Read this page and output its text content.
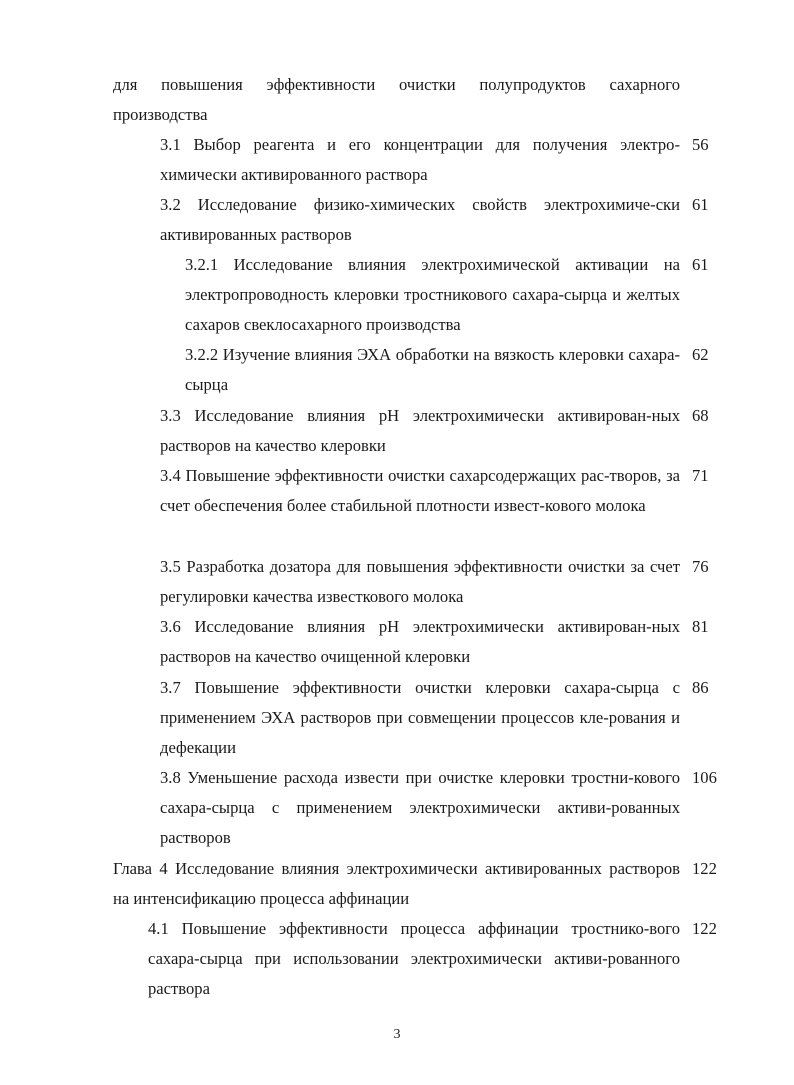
для повышения эффективности очистки полупродуктов сахарного производства
3.1 Выбор реагента и его концентрации для получения электро-химически активированного раствора
56
3.2 Исследование физико-химических свойств электрохимиче-ски активированных растворов
61
3.2.1 Исследование влияния электрохимической активации на электропроводность клеровки тростникового сахара-сырца и желтых сахаров свеклосахарного производства
61
3.2.2 Изучение влияния ЭХА обработки на вязкость клеровки сахара-сырца
62
3.3 Исследование влияния pH электрохимически активирован-ных растворов на качество клеровки
68
3.4 Повышение эффективности очистки сахарсодержащих рас-творов, за счет обеспечения более стабильной плотности извест-кового молока
71
3.5 Разработка дозатора для повышения эффективности очистки за счет регулировки качества известкового молока
76
3.6 Исследование влияния pH электрохимически активирован-ных растворов на качество очищенной клеровки
81
3.7 Повышение эффективности очистки клеровки сахара-сырца с применением ЭХА растворов при совмещении процессов кле-рования и дефекации
86
3.8 Уменьшение расхода извести при очистке клеровки тростни-кового сахара-сырца с применением электрохимически активи-рованных растворов
106
Глава 4 Исследование влияния электрохимически активированных растворов на интенсификацию процесса аффинации
122
4.1 Повышение эффективности процесса аффинации тростнико-вого сахара-сырца при использовании электрохимически активи-рованного раствора
122
3
